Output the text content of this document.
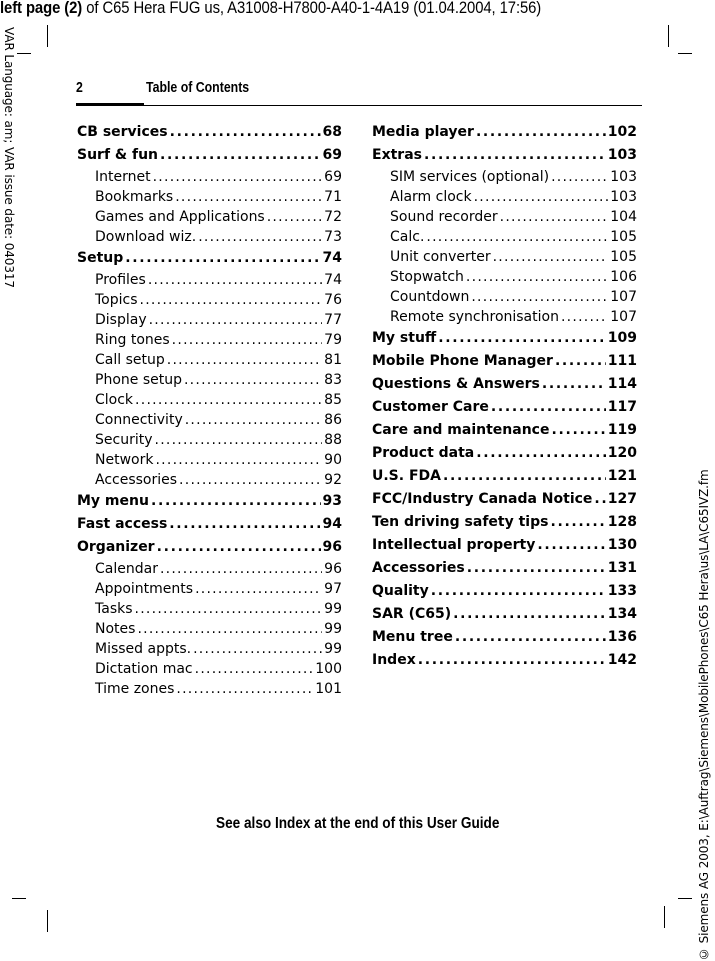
left page (2) of C65 Hera FUG us, A31008-H7800-A40-1-4A19 (01.04.2004, 17:56)
VAR Language: am; VAR issue date: 040317
© Siemens AG 2003, E:\Auftrag\Siemens\MobilePhones\C65 Hera\us\LA\C65IVZ.fm
2	Table of Contents
CB services . . .	68
Surf & fun . . .	69
Internet . . .	69
Bookmarks . . .	71
Games and Applications . . .	72
Download wiz. . . .	73
Setup . . .	74
Profiles . . .	74
Topics . . .	76
Display . . .	77
Ring tones . . .	79
Call setup . . .	81
Phone setup . . .	83
Clock . . .	85
Connectivity . . .	86
Security . . .	88
Network . . .	90
Accessories . . .	92
My menu . . .	93
Fast access . . .	94
Organizer . . .	96
Calendar . . .	96
Appointments . . .	97
Tasks . . .	99
Notes . . .	99
Missed appts. . . .	99
Dictation mac . . .	100
Time zones . . .	101
Media player . . .	102
Extras . . .	103
SIM services (optional) . . .	103
Alarm clock . . .	103
Sound recorder . . .	104
Calc. . . .	105
Unit converter . . .	105
Stopwatch . . .	106
Countdown . . .	107
Remote synchronisation . . .	107
My stuff . . .	109
Mobile Phone Manager . . .	111
Questions & Answers . . .	114
Customer Care . . .	117
Care and maintenance . . .	119
Product data . . .	120
U.S. FDA . . .	121
FCC/Industry Canada Notice . . . 127
Ten driving safety tips . . .	128
Intellectual property . . .	130
Accessories . . .	131
Quality . . .	133
SAR (C65) . . .	134
Menu tree . . .	136
Index . . .	142
See also Index at the end of this User Guide
